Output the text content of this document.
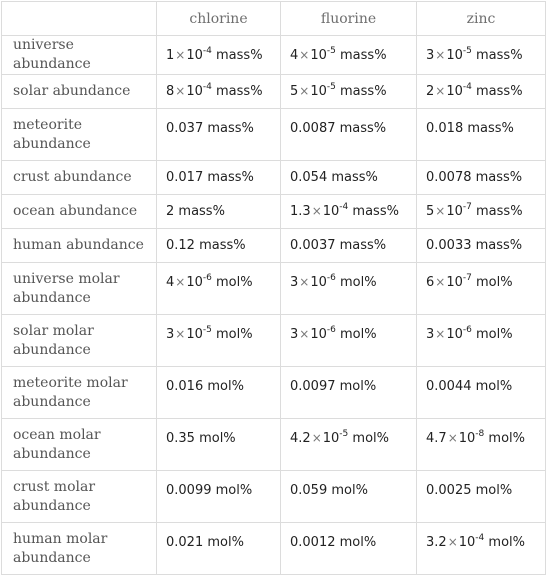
	chlorine	fluorine	zinc
universe abundance	$1\times 10^{-4}$ mass%	$4\times 10^{-5}$ mass%	$3\times 10^{-5}$ mass%
solar abundance	$8\times 10^{-4}$ mass%	$5\times 10^{-5}$ mass%	$2\times 10^{-4}$ mass%
meteorite abundance	0.037 mass%	0.0087 mass%	0.018 mass%
crust abundance	0.017 mass%	0.054 mass%	0.0078 mass%
ocean abundance	2 mass%	$1.3\times 10^{-4}$ mass%	$5\times 10^{-7}$ mass%
human abundance	0.12 mass%	0.0037 mass%	0.0033 mass%
universe molar abundance	$4\times 10^{-6}$ mol%	$3\times 10^{-6}$ mol%	$6\times 10^{-7}$ mol%
solar molar abundance	$3\times 10^{-5}$ mol%	$3\times 10^{-6}$ mol%	$3\times 10^{-6}$ mol%
meteorite molar abundance	0.016 mol%	0.0097 mol%	0.0044 mol%
ocean molar abundance	0.35 mol%	$4.2\times 10^{-5}$ mol%	$4.7\times 10^{-8}$ mol%
crust molar abundance	0.0099 mol%	0.059 mol%	0.0025 mol%
human molar abundance	0.021 mol%	0.0012 mol%	$3.2\times 10^{-4}$ mol%
